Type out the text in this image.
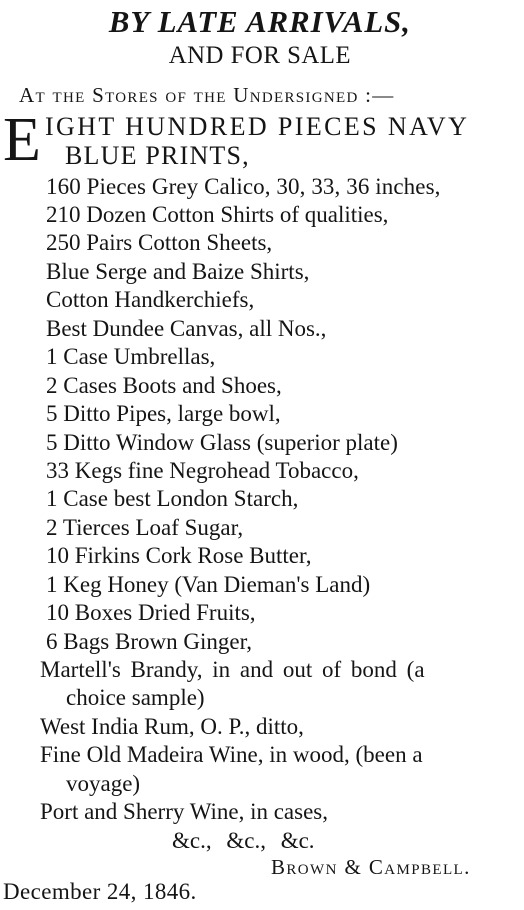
BY LATE ARRIVALS,
AND FOR SALE
At the Stores of the Undersigned :—
E IGHT HUNDRED PIECES NAVY
BLUE PRINTS,
160 Pieces Grey Calico, 30, 33, 36 inches,
210 Dozen Cotton Shirts of qualities,
250 Pairs Cotton Sheets,
Blue Serge and Baize Shirts,
Cotton Handkerchiefs,
Best Dundee Canvas, all Nos.,
1 Case Umbrellas,
2 Cases Boots and Shoes,
5 Ditto Pipes, large bowl,
5 Ditto Window Glass (superior plate)
33 Kegs fine Negrohead Tobacco,
1 Case best London Starch,
2 Tierces Loaf Sugar,
10 Firkins Cork Rose Butter,
1 Keg Honey (Van Dieman's Land)
10 Boxes Dried Fruits,
6 Bags Brown Ginger,
Martell's Brandy, in and out of bond (a
choice sample)
West India Rum, O. P., ditto,
Fine Old Madeira Wine, in wood, (been a
voyage)
Port and Sherry Wine, in cases,
&c., &c., &c.
Brown & Campbell.
December 24, 1846.
